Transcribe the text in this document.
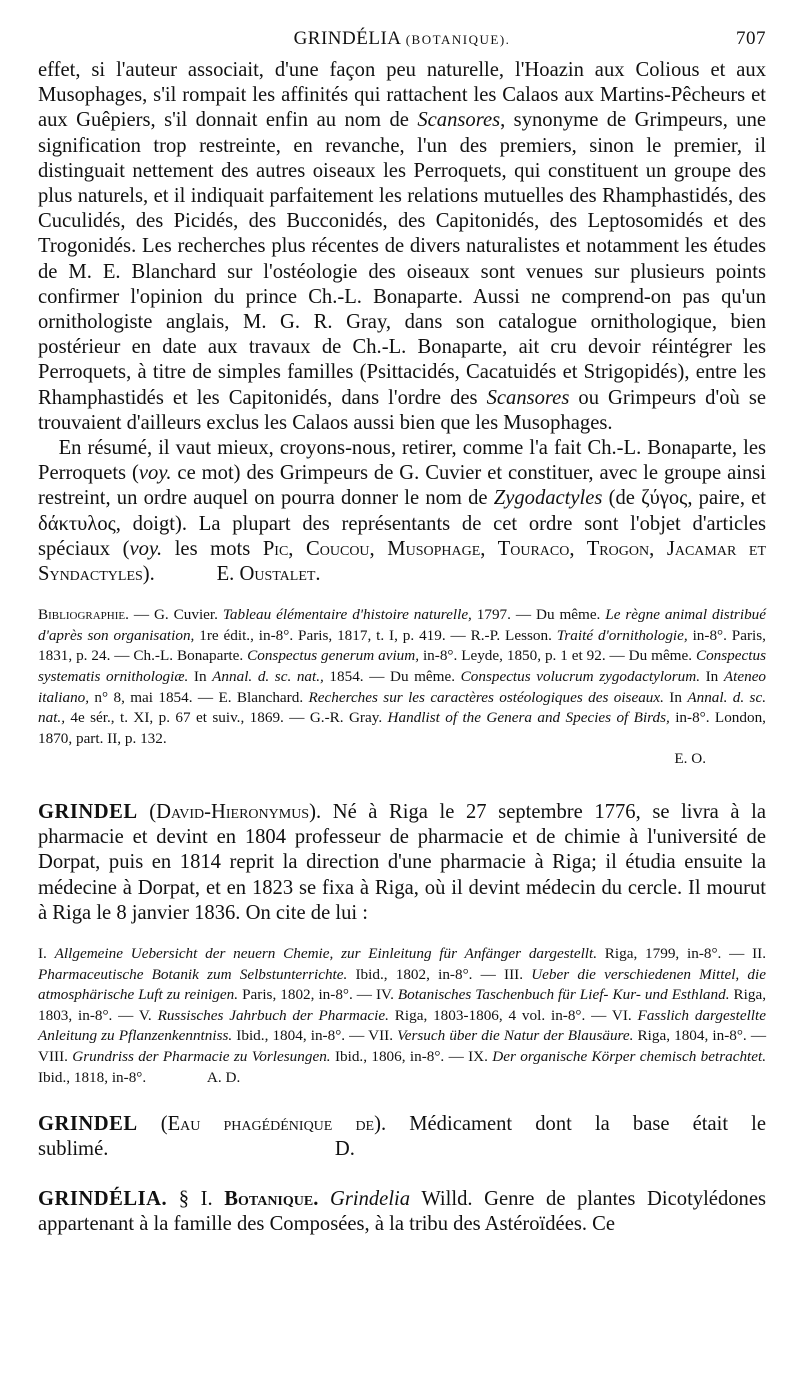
GRINDÉLIA (BOTANIQUE).	707

effet, si l'auteur associait, d'une façon peu naturelle, l'Hoazin aux Colious et aux Musophages, s'il rompait les affinités qui rattachent les Calaos aux Martins-Pêcheurs et aux Guêpiers, s'il donnait enfin au nom de Scansores, synonyme de Grimpeurs, une signification trop restreinte, en revanche, l'un des premiers, sinon le premier, il distinguait nettement des autres oiseaux les Perroquets, qui constituent un groupe des plus naturels, et il indiquait parfaitement les relations mutuelles des Rhamphastidés, des Cuculidés, des Picidés, des Bucconidés, des Capitonidés, des Leptosomidés et des Trogonidés. Les recherches plus récentes de divers naturalistes et notamment les études de M. E. Blanchard sur l'ostéologie des oiseaux sont venues sur plusieurs points confirmer l'opinion du prince Ch.-L. Bonaparte. Aussi ne comprend-on pas qu'un ornithologiste anglais, M. G. R. Gray, dans son catalogue ornithologique, bien postérieur en date aux travaux de Ch.-L. Bonaparte, ait cru devoir réintégrer les Perroquets, à titre de simples familles (Psittacidés, Cacatuidés et Strigopidés), entre les Rhamphastidés et les Capitonidés, dans l'ordre des Scansores ou Grimpeurs d'où se trouvaient d'ailleurs exclus les Calaos aussi bien que les Musophages.

 En résumé, il vaut mieux, croyons-nous, retirer, comme l'a fait Ch.-L. Bonaparte, les Perroquets (voy. ce mot) des Grimpeurs de G. Cuvier et constituer, avec le groupe ainsi restreint, un ordre auquel on pourra donner le nom de Zygodactyles (de ζύγος, paire, et δάκτυλος, doigt). La plupart des représentants de cet ordre sont l'objet d'articles spéciaux (voy. les mots Pic, Coucou, Musophage, Touraco, Trogon, Jacamar et Syndactyles).   	E. Oustalet.

Bibliographie. — G. Cuvier. Tableau élémentaire d'histoire naturelle, 1797. — Du même. Le règne animal distribué d'après son organisation, 1re édit., in-8°. Paris, 1817, t. I, p. 419. — R.-P. Lesson. Traité d'ornithologie, in-8°. Paris, 1831, p. 24. — Ch.-L. Bonaparte. Conspectus generum avium, in-8°. Leyde, 1850, p. 1 et 92. — Du même. Conspectus systematis ornithologiæ. In Annal. d. sc. nat., 1854. — Du même. Conspectus volucrum zygodactylorum. In Ateneo italiano, n° 8, mai 1854. — E. Blanchard. Recherches sur les caractères ostéologiques des oiseaux. In Annal. d. sc. nat., 4e sér., t. XI, p. 67 et suiv., 1869. — G.-R. Gray. Handlist of the Genera and Species of Birds, in-8°. London, 1870, part. II, p. 132.

E. O.

GRINDEL (David-Hieronymus). Né à Riga le 27 septembre 1776, se livra à la pharmacie et devint en 1804 professeur de pharmacie et de chimie à l'université de Dorpat, puis en 1814 reprit la direction d'une pharmacie à Riga; il étudia ensuite la médecine à Dorpat, et en 1823 se fixa à Riga, où il devint médecin du cercle. Il mourut à Riga le 8 janvier 1836. On cite de lui :

I. Allgemeine Uebersicht der neuern Chemie, zur Einleitung für Anfänger dargestellt. Riga, 1799, in-8°. — II. Pharmaceutische Botanik zum Selbstunterrichte. Ibid., 1802, in-8°. — III. Ueber die verschiedenen Mittel, die atmosphärische Luft zu reinigen. Paris, 1802, in-8°. — IV. Botanisches Taschenbuch für Lief- Kur- und Esthland. Riga, 1803, in-8°. — V. Russisches Jahrbuch der Pharmacie. Riga, 1803-1806, 4 vol. in-8°. — VI. Fasslich dargestellte Anleitung zu Pflanzenkenntniss. Ibid., 1804, in-8°. — VII. Versuch über die Natur der Blausäure. Riga, 1804, in-8°. — VIII. Grundriss der Pharmacie zu Vorlesungen. Ibid., 1806, in-8°. — IX. Der organische Körper chemisch betrachtet. Ibid., 1818, in-8°.    	A. D.

GRINDEL (Eau phagédénique de). Médicament dont la base était le sublimé.           	D.

GRINDÉLIA. § I. Botanique. Grindelia Willd. Genre de plantes Dicotylédones appartenant à la famille des Composées, à la tribu des Astéroïdées. Ce
